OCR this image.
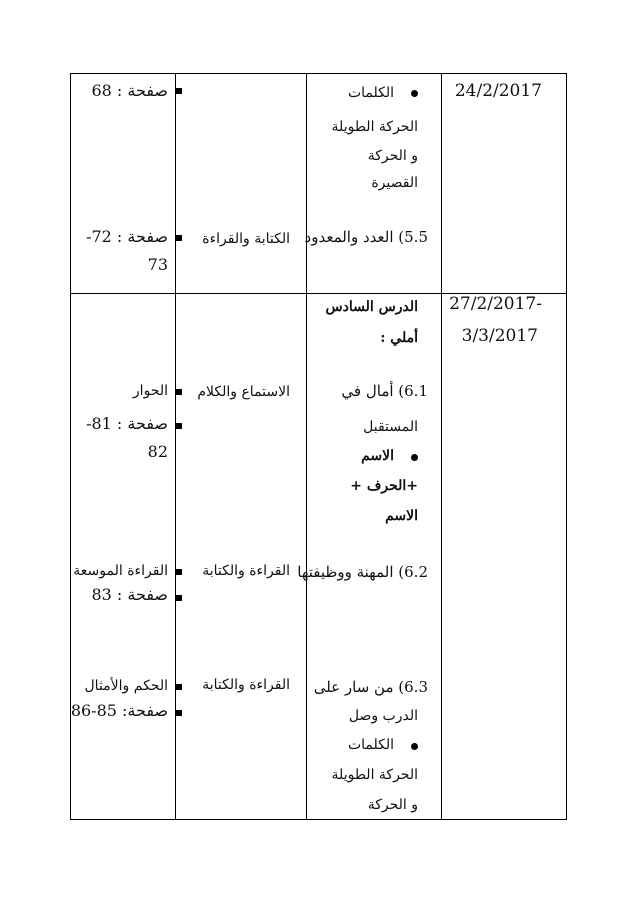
24/2/2017
الكلمات
الحركة الطويلة
و الحركة
القصيرة
5.5) العدد والمعدود
الكتابة والقراءة
صفحة : 68
صفحة : 72-
73
27/2/2017-
3/3/2017
الدرس السادس
أملي :
6.1) أمال في
المستقبل
الاسم
+الحرف +
الاسم
6.2) المهنة ووظيفتها
6.3) من سار على
الدرب وصل
الكلمات
الحركة الطويلة
و الحركة
الاستماع والكلام
القراءة والكتابة
القراءة والكتابة
الحوار
صفحة : 81-
82
القراءة الموسعة
صفحة : 83
الحكم والأمثال
صفحة: 85-86
